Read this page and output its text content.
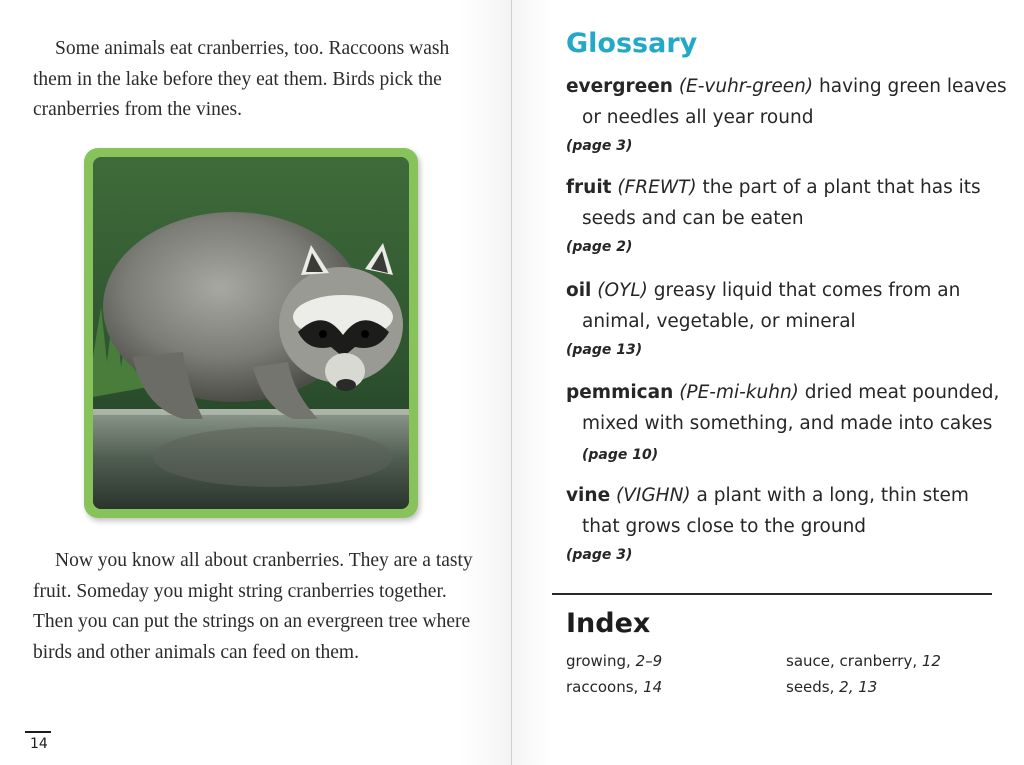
Some animals eat cranberries, too. Raccoons wash them in the lake before they eat them. Birds pick the cranberries from the vines.

Now you know all about cranberries. They are a tasty fruit. Someday you might string cranberries together. Then you can put the strings on an evergreen tree where birds and other animals can feed on them.

14
Glossary
evergreen (E-vuhr-green) having green leaves or needles all year round
(page 3)
fruit (FREWT) the part of a plant that has its seeds and can be eaten
(page 2)
oil (OYL) greasy liquid that comes from an animal, vegetable, or mineral
(page 13)
pemmican (PE-mi-kuhn) dried meat pounded, mixed with something, and made into cakes (page 10)
vine (VIGHN) a plant with a long, thin stem that grows close to the ground
(page 3)
Index
growing, 2–9
raccoons, 14
sauce, cranberry, 12
seeds, 2, 13
